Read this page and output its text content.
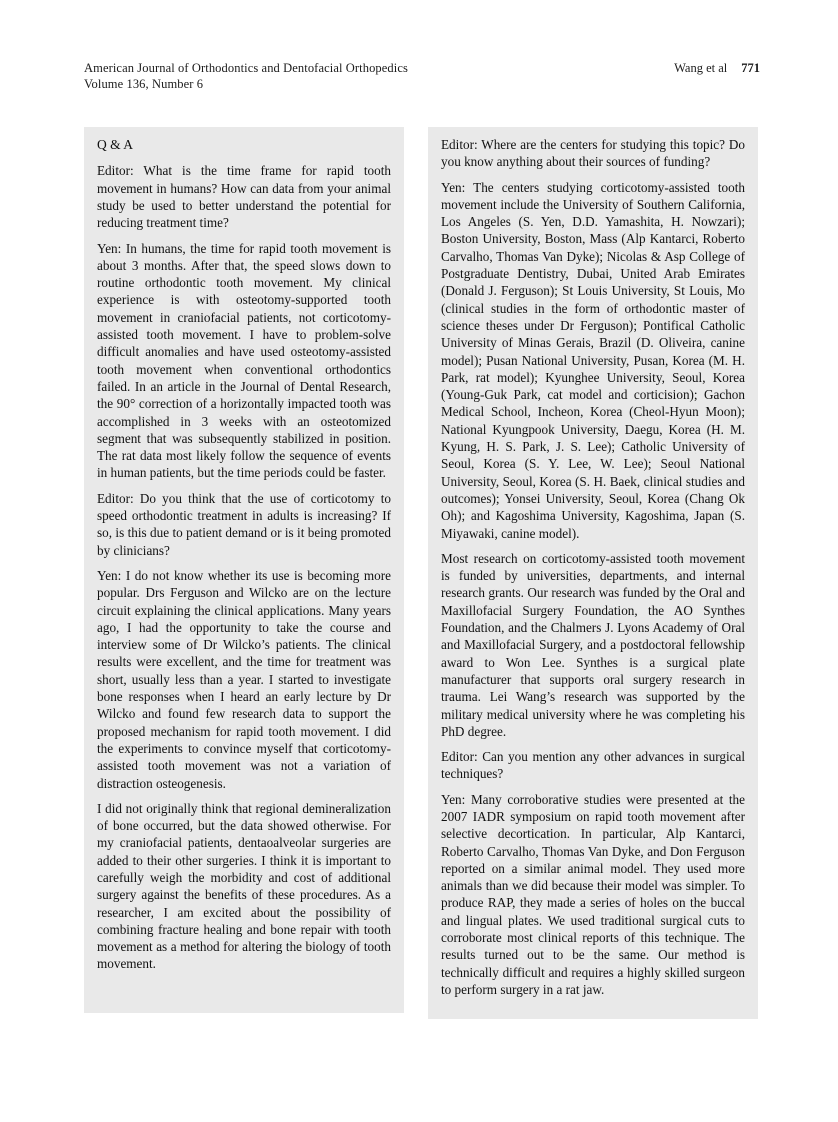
American Journal of Orthodontics and Dentofacial Orthopedics
Volume 136, Number 6
Wang et al 771
Q & A

Editor: What is the time frame for rapid tooth movement in humans? How can data from your animal study be used to better understand the potential for reducing treatment time?

Yen: In humans, the time for rapid tooth movement is about 3 months. After that, the speed slows down to routine orthodontic tooth movement. My clinical experience is with osteotomy-supported tooth movement in craniofacial patients, not corticotomy-assisted tooth movement. I have to problem-solve difficult anomalies and have used osteotomy-assisted tooth movement when conventional orthodontics failed. In an article in the Journal of Dental Research, the 90° correction of a horizontally impacted tooth was accomplished in 3 weeks with an osteotomized segment that was subsequently stabilized in position. The rat data most likely follow the sequence of events in human patients, but the time periods could be faster.

Editor: Do you think that the use of corticotomy to speed orthodontic treatment in adults is increasing? If so, is this due to patient demand or is it being promoted by clinicians?

Yen: I do not know whether its use is becoming more popular. Drs Ferguson and Wilcko are on the lecture circuit explaining the clinical applications. Many years ago, I had the opportunity to take the course and interview some of Dr Wilcko’s patients. The clinical results were excellent, and the time for treatment was short, usually less than a year. I started to investigate bone responses when I heard an early lecture by Dr Wilcko and found few research data to support the proposed mechanism for rapid tooth movement. I did the experiments to convince myself that corticotomy-assisted tooth movement was not a variation of distraction osteogenesis.

I did not originally think that regional demineralization of bone occurred, but the data showed otherwise. For my craniofacial patients, dentaoalveolar surgeries are added to their other surgeries. I think it is important to carefully weigh the morbidity and cost of additional surgery against the benefits of these procedures. As a researcher, I am excited about the possibility of combining fracture healing and bone repair with tooth movement as a method for altering the biology of tooth movement.

Editor: Where are the centers for studying this topic? Do you know anything about their sources of funding?

Yen: The centers studying corticotomy-assisted tooth movement include the University of Southern California, Los Angeles (S. Yen, D.D. Yamashita, H. Nowzari); Boston University, Boston, Mass (Alp Kantarci, Roberto Carvalho, Thomas Van Dyke); Nicolas & Asp College of Postgraduate Dentistry, Dubai, United Arab Emirates (Donald J. Ferguson); St Louis University, St Louis, Mo (clinical studies in the form of orthodontic master of science theses under Dr Ferguson); Pontifical Catholic University of Minas Gerais, Brazil (D. Oliveira, canine model); Pusan National University, Pusan, Korea (M. H. Park, rat model); Kyunghee University, Seoul, Korea (Young-Guk Park, cat model and corticision); Gachon Medical School, Incheon, Korea (Cheol-Hyun Moon); National Kyungpook University, Daegu, Korea (H. M. Kyung, H. S. Park, J. S. Lee); Catholic University of Seoul, Korea (S. Y. Lee, W. Lee); Seoul National University, Seoul, Korea (S. H. Baek, clinical studies and outcomes); Yonsei University, Seoul, Korea (Chang Ok Oh); and Kagoshima University, Kagoshima, Japan (S. Miyawaki, canine model).

Most research on corticotomy-assisted tooth movement is funded by universities, departments, and internal research grants. Our research was funded by the Oral and Maxillofacial Surgery Foundation, the AO Synthes Foundation, and the Chalmers J. Lyons Academy of Oral and Maxillofacial Surgery, and a postdoctoral fellowship award to Won Lee. Synthes is a surgical plate manufacturer that supports oral surgery research in trauma. Lei Wang’s research was supported by the military medical university where he was completing his PhD degree.

Editor: Can you mention any other advances in surgical techniques?

Yen: Many corroborative studies were presented at the 2007 IADR symposium on rapid tooth movement after selective decortication. In particular, Alp Kantarci, Roberto Carvalho, Thomas Van Dyke, and Don Ferguson reported on a similar animal model. They used more animals than we did because their model was simpler. To produce RAP, they made a series of holes on the buccal and lingual plates. We used traditional surgical cuts to corroborate most clinical reports of this technique. The results turned out to be the same. Our method is technically difficult and requires a highly skilled surgeon to perform surgery in a rat jaw.
